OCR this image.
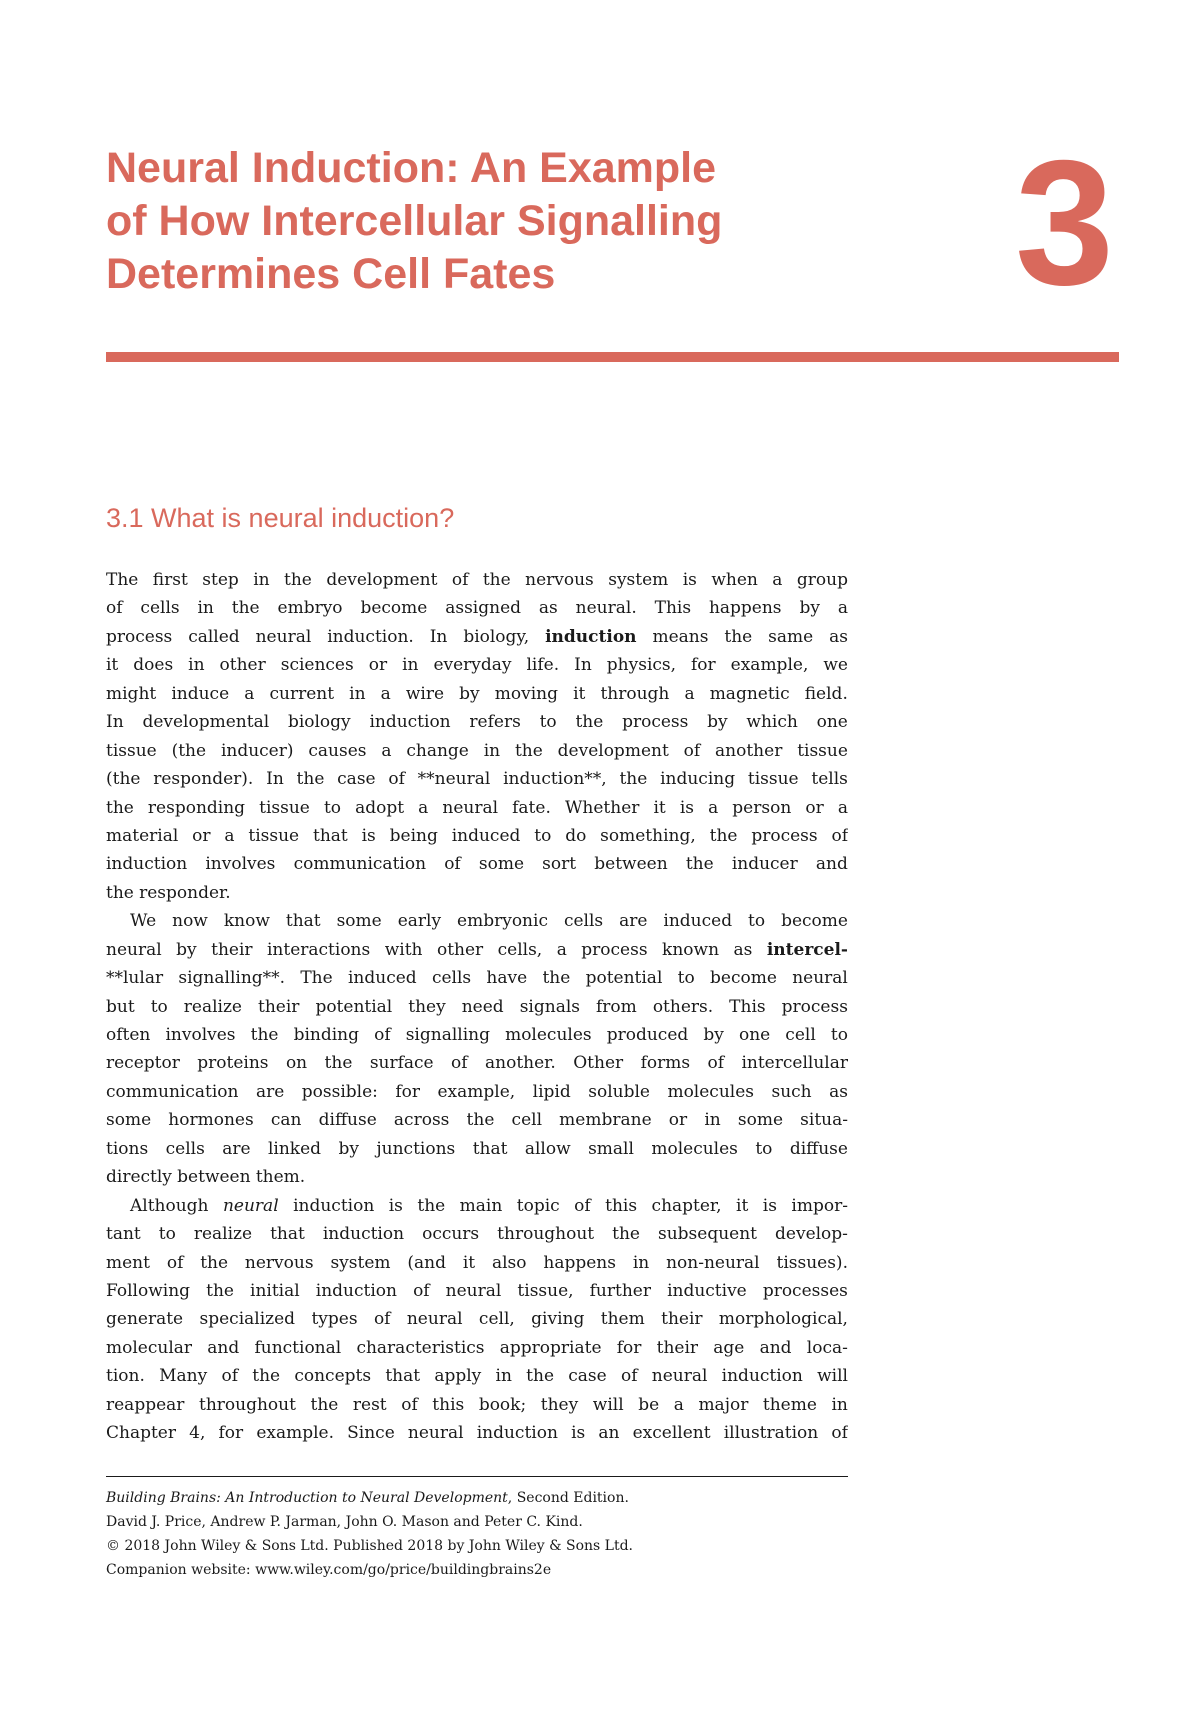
Neural Induction: An Example
of How Intercellular Signalling
Determines Cell Fates	3
3.1 What is neural induction?
The first step in the development of the nervous system is when a group
of cells in the embryo become assigned as neural. This happens by a
process called neural induction. In biology, induction means the same as
it does in other sciences or in everyday life. In physics, for example, we
might induce a current in a wire by moving it through a magnetic field.
In developmental biology induction refers to the process by which one
tissue (the inducer) causes a change in the development of another tissue
(the responder). In the case of **neural induction**, the inducing tissue tells
the responding tissue to adopt a neural fate. Whether it is a person or a
material or a tissue that is being induced to do something, the process of
induction involves communication of some sort between the inducer and
the responder.
We now know that some early embryonic cells are induced to become
neural by their interactions with other cells, a process known as intercel-
**lular signalling**. The induced cells have the potential to become neural
but to realize their potential they need signals from others. This process
often involves the binding of signalling molecules produced by one cell to
receptor proteins on the surface of another. Other forms of intercellular
communication are possible: for example, lipid soluble molecules such as
some hormones can diffuse across the cell membrane or in some situa-
tions cells are linked by junctions that allow small molecules to diffuse
directly between them.
Although neural induction is the main topic of this chapter, it is impor-
tant to realize that induction occurs throughout the subsequent develop-
ment of the nervous system (and it also happens in non-neural tissues).
Following the initial induction of neural tissue, further inductive processes
generate specialized types of neural cell, giving them their morphological,
molecular and functional characteristics appropriate for their age and loca-
tion. Many of the concepts that apply in the case of neural induction will
reappear throughout the rest of this book; they will be a major theme in
Chapter 4, for example. Since neural induction is an excellent illustration of
Building Brains: An Introduction to Neural Development, Second Edition.
David J. Price, Andrew P. Jarman, John O. Mason and Peter C. Kind.
© 2018 John Wiley & Sons Ltd. Published 2018 by John Wiley & Sons Ltd.
Companion website: www.wiley.com/go/price/buildingbrains2e
